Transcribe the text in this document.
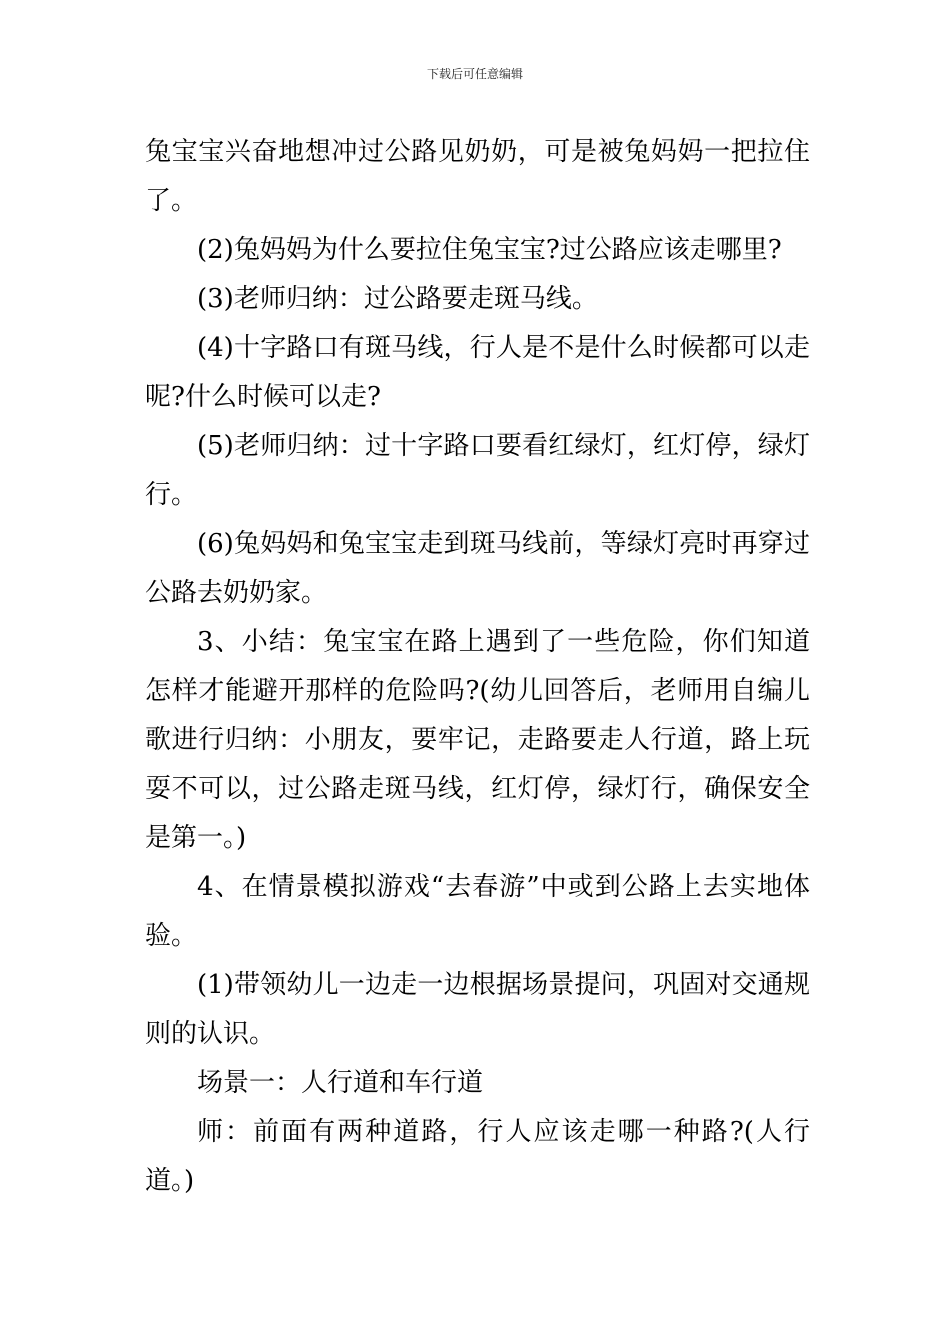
下载后可任意编辑

兔宝宝兴奋地想冲过公路见奶奶，可是被兔妈妈一把拉住了。

(2)兔妈妈为什么要拉住兔宝宝?过公路应该走哪里?

(3)老师归纳：过公路要走斑马线。

(4)十字路口有斑马线，行人是不是什么时候都可以走呢?什么时候可以走?

(5)老师归纳：过十字路口要看红绿灯，红灯停，绿灯行。

(6)兔妈妈和兔宝宝走到斑马线前，等绿灯亮时再穿过公路去奶奶家。

3、小结：兔宝宝在路上遇到了一些危险，你们知道怎样才能避开那样的危险吗?(幼儿回答后，老师用自编儿歌进行归纳：小朋友，要牢记，走路要走人行道，路上玩耍不可以，过公路走斑马线，红灯停，绿灯行，确保安全是第一。)

4、在情景模拟游戏“去春游”中或到公路上去实地体验。

(1)带领幼儿一边走一边根据场景提问，巩固对交通规则的认识。

场景一：人行道和车行道

师：前面有两种道路，行人应该走哪一种路?(人行道。)
